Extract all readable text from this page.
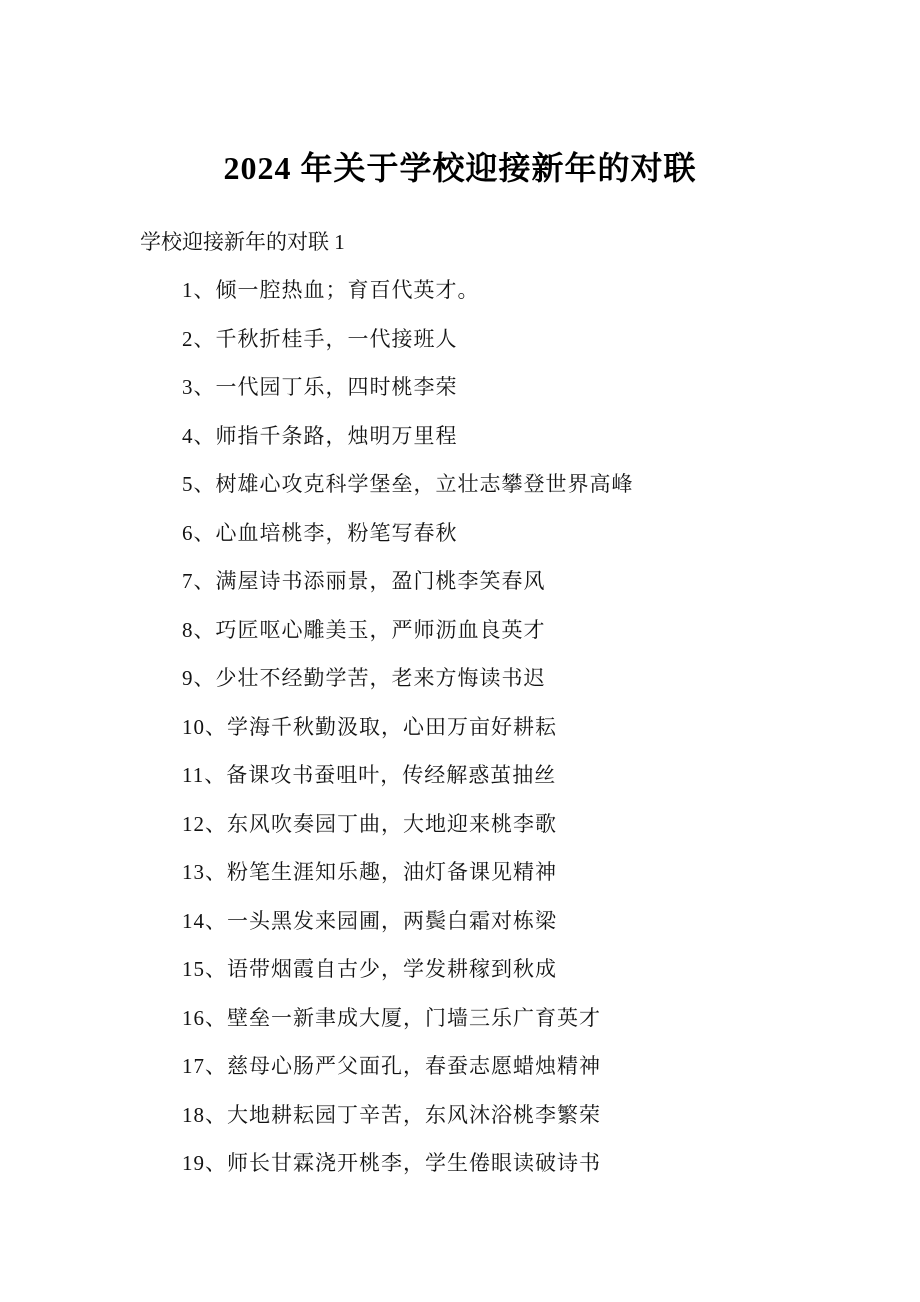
2024 年关于学校迎接新年的对联

学校迎接新年的对联 1

1、倾一腔热血；育百代英才。

2、千秋折桂手，一代接班人

3、一代园丁乐，四时桃李荣

4、师指千条路，烛明万里程

5、树雄心攻克科学堡垒，立壮志攀登世界高峰

6、心血培桃李，粉笔写春秋

7、满屋诗书添丽景，盈门桃李笑春风

8、巧匠呕心雕美玉，严师沥血良英才

9、少壮不经勤学苦，老来方悔读书迟

10、学海千秋勤汲取，心田万亩好耕耘

11、备课攻书蚕咀叶，传经解惑茧抽丝

12、东风吹奏园丁曲，大地迎来桃李歌

13、粉笔生涯知乐趣，油灯备课见精神

14、一头黑发来园圃，两鬓白霜对栋梁

15、语带烟霞自古少，学发耕稼到秋成

16、壁垒一新聿成大厦，门墙三乐广育英才

17、慈母心肠严父面孔，春蚕志愿蜡烛精神

18、大地耕耘园丁辛苦，东风沐浴桃李繁荣

19、师长甘霖浇开桃李，学生倦眼读破诗书
